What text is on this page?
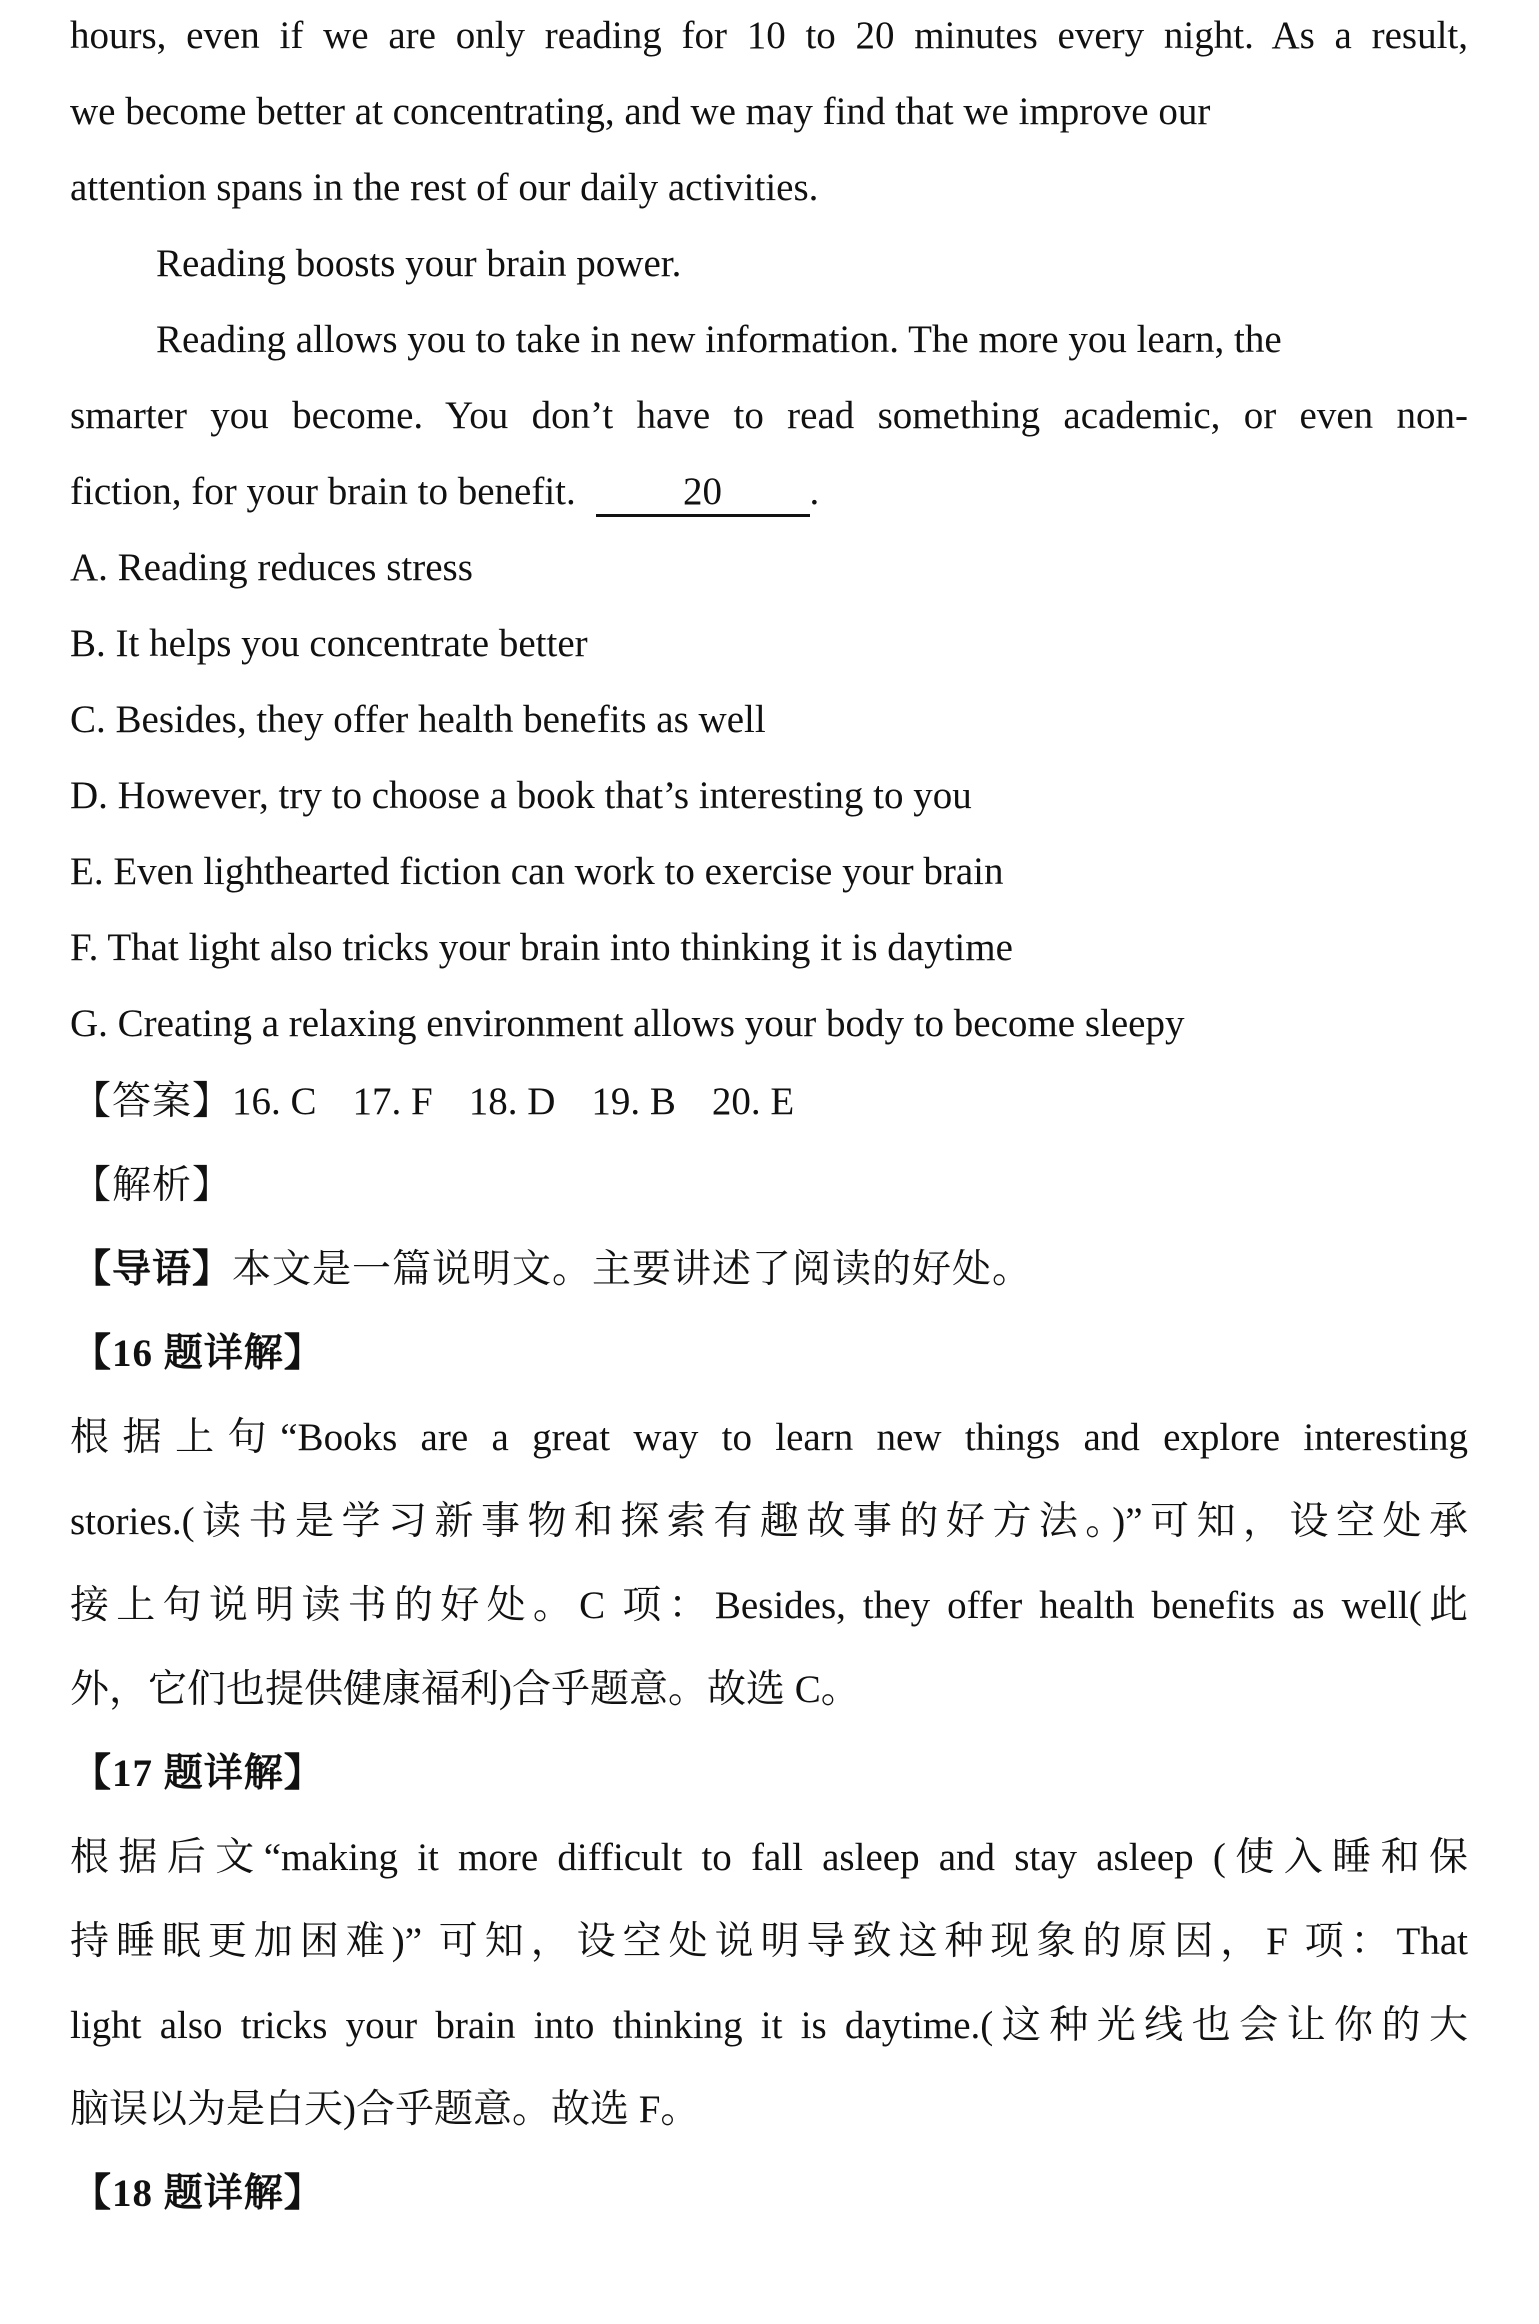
hours, even if we are only reading for 10 to 20 minutes every night. As a result,
we become better at concentrating, and we may find that we improve our
attention spans in the rest of our daily activities.
Reading boosts your brain power.
Reading allows you to take in new information. The more you learn, the
smarter you become. You don’t have to read something academic, or even non-
fiction, for your brain to benefit.	20 .
A. Reading reduces stress
B. It helps you concentrate better
C. Besides, they offer health benefits as well
D. However, try to choose a book that’s interesting to you
E. Even lighthearted fiction can work to exercise your brain
F. That light also tricks your brain into thinking it is daytime
G. Creating a relaxing environment allows your body to become sleepy
【答案】16. C 17. F 18. D 19. B 20. E
【解析】
【导语】本文是一篇说明文。主要讲述了阅读的好处。
【16 题详解】
根据上句“Books are a great way to learn new things and explore interesting
stories.(读书是学习新事物和探索有趣故事的好方法。)”可知，设空处承
接上句说明读书的好处。C 项：Besides, they offer health benefits as well(此
外，它们也提供健康福利)合乎题意。故选 C。
【17 题详解】
根据后文“making it more difficult to fall asleep and stay asleep (使入睡和保
持睡眠更加困难)” 可知，设空处说明导致这种现象的原因，F 项：That
light also tricks your brain into thinking it is daytime.(这种光线也会让你的大
脑误以为是白天)合乎题意。故选 F。
【18 题详解】
